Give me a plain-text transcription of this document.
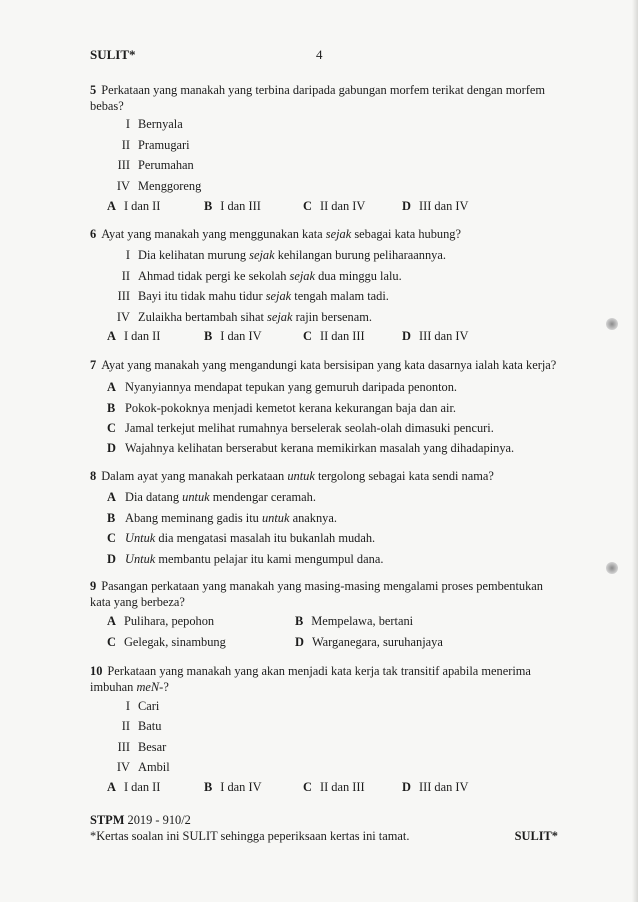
SULIT*	4
5 Perkataan yang manakah yang terbina daripada gabungan morfem terikat dengan morfem bebas?
I Bernyala
II Pramugari
III Perumahan
IV Menggoreng
A I dan II	B I dan III	C II dan IV	D III dan IV
6 Ayat yang manakah yang menggunakan kata sejak sebagai kata hubung?
I Dia kelihatan murung sejak kehilangan burung peliharaannya.
II Ahmad tidak pergi ke sekolah sejak dua minggu lalu.
III Bayi itu tidak mahu tidur sejak tengah malam tadi.
IV Zulaikha bertambah sihat sejak rajin bersenam.
A I dan II	B I dan IV	C II dan III	D III dan IV
7 Ayat yang manakah yang mengandungi kata bersisipan yang kata dasarnya ialah kata kerja?
A Nyanyiannya mendapat tepukan yang gemuruh daripada penonton.
B Pokok-pokoknya menjadi kemetot kerana kekurangan baja dan air.
C Jamal terkejut melihat rumahnya berselerak seolah-olah dimasuki pencuri.
D Wajahnya kelihatan berserabut kerana memikirkan masalah yang dihadapinya.
8 Dalam ayat yang manakah perkataan untuk tergolong sebagai kata sendi nama?
A Dia datang untuk mendengar ceramah.
B Abang meminang gadis itu untuk anaknya.
C Untuk dia mengatasi masalah itu bukanlah mudah.
D Untuk membantu pelajar itu kami mengumpul dana.
9 Pasangan perkataan yang manakah yang masing-masing mengalami proses pembentukan kata yang berbeza?
A Pulihara, pepohon	B Mempelawa, bertani
C Gelegak, sinambung	D Warganegara, suruhanjaya
10 Perkataan yang manakah yang akan menjadi kata kerja tak transitif apabila menerima imbuhan meN-?
I Cari
II Batu
III Besar
IV Ambil
A I dan II	B I dan IV	C II dan III	D III dan IV
STPM 2019 - 910/2
*Kertas soalan ini SULIT sehingga peperiksaan kertas ini tamat.	SULIT*
